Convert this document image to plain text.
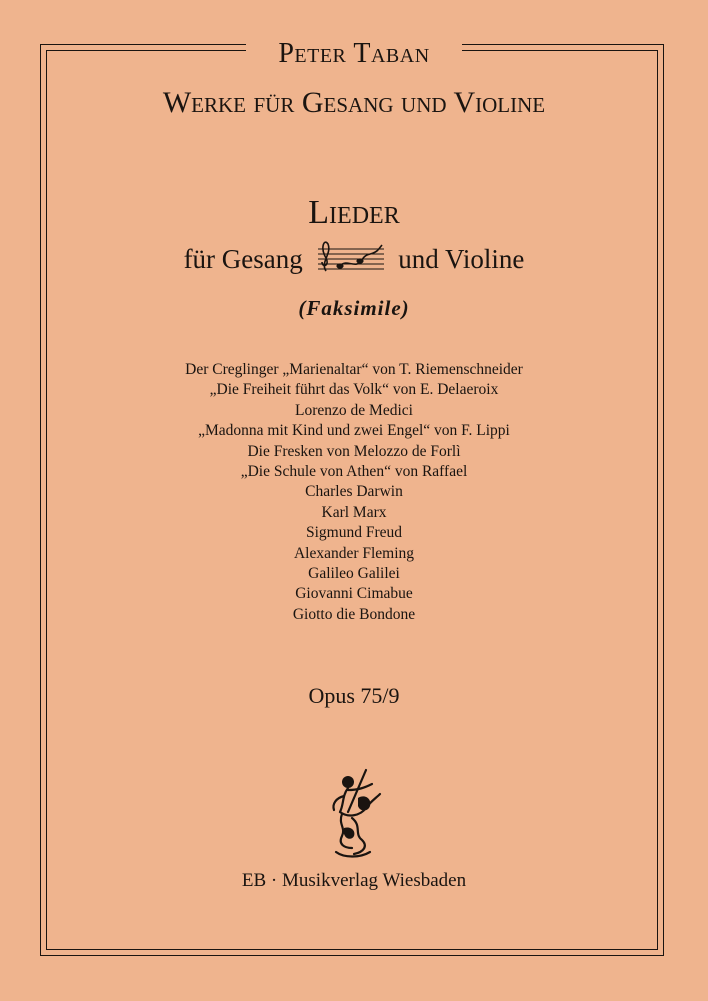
Peter Taban
Werke für Gesang und Violine
Lieder
für Gesang	und Violine
(Faksimile)
Der Creglinger „Marienaltar“ von T. Riemenschneider
„Die Freiheit führt das Volk“ von E. Delaeroix
Lorenzo de Medici
„Madonna mit Kind und zwei Engel“ von F. Lippi
Die Fresken von Melozzo de Forlì
„Die Schule von Athen“ von Raffael
Charles Darwin
Karl Marx
Sigmund Freud
Alexander Fleming
Galileo Galilei
Giovanni Cimabue
Giotto die Bondone
Opus 75/9
EB · Musikverlag Wiesbaden
